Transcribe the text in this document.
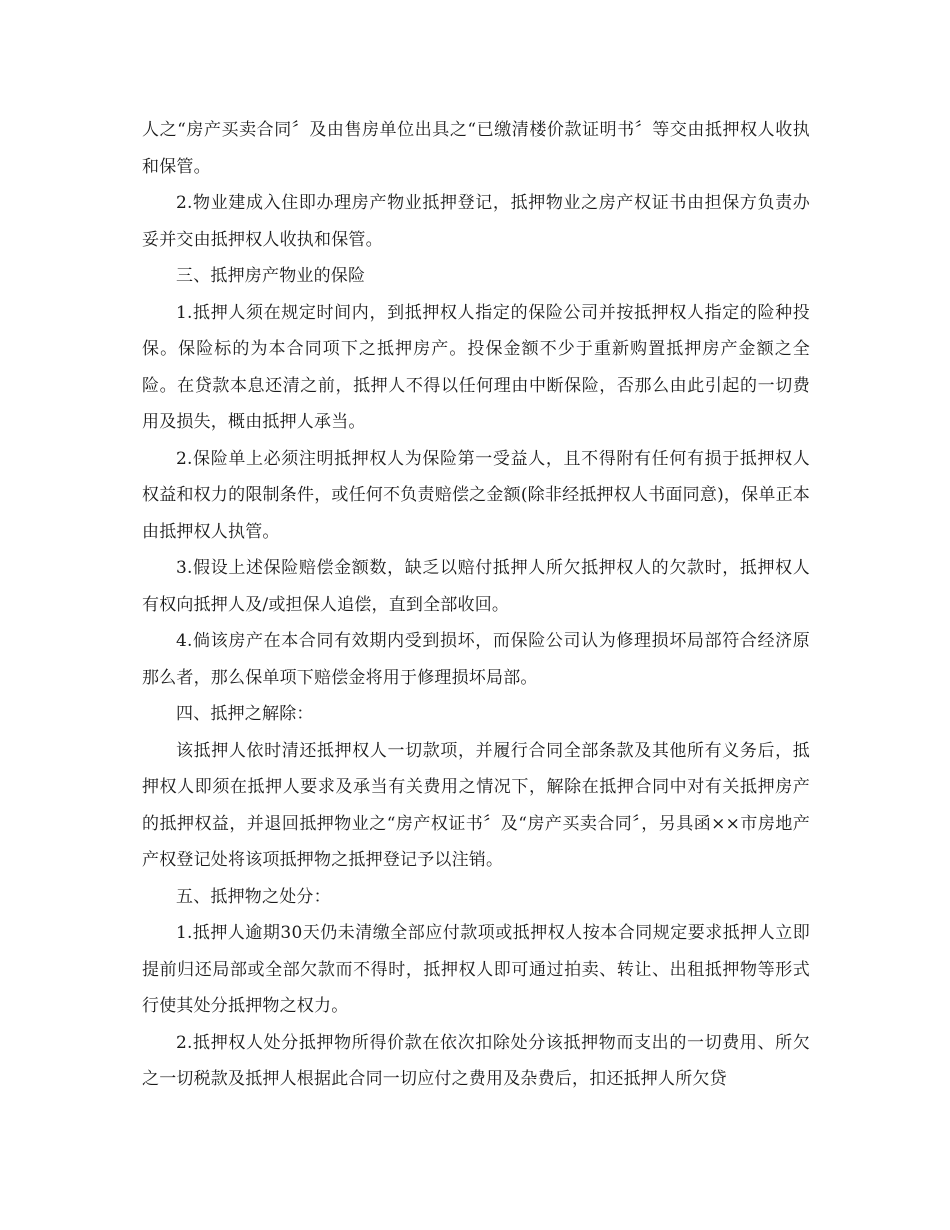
人之“房产买卖合同〞及由售房单位出具之“已缴清楼价款证明书〞等交由抵押权人收执和保管。

2.物业建成入住即办理房产物业抵押登记，抵押物业之房产权证书由担保方负责办妥并交由抵押权人收执和保管。

三、抵押房产物业的保险

1.抵押人须在规定时间内，到抵押权人指定的保险公司并按抵押权人指定的险种投保。保险标的为本合同项下之抵押房产。投保金额不少于重新购置抵押房产金额之全险。在贷款本息还清之前，抵押人不得以任何理由中断保险，否那么由此引起的一切费用及损失，概由抵押人承当。

2.保险单上必须注明抵押权人为保险第一受益人，且不得附有任何有损于抵押权人权益和权力的限制条件，或任何不负责赔偿之金额(除非经抵押权人书面同意)，保单正本由抵押权人执管。

3.假设上述保险赔偿金额数，缺乏以赔付抵押人所欠抵押权人的欠款时，抵押权人有权向抵押人及/或担保人追偿，直到全部收回。

4.倘该房产在本合同有效期内受到损坏，而保险公司认为修理损坏局部符合经济原那么者，那么保单项下赔偿金将用于修理损坏局部。

四、抵押之解除：

该抵押人依时清还抵押权人一切款项，并履行合同全部条款及其他所有义务后，抵押权人即须在抵押人要求及承当有关费用之情况下，解除在抵押合同中对有关抵押房产的抵押权益，并退回抵押物业之“房产权证书〞及“房产买卖合同〞，另具函××市房地产产权登记处将该项抵押物之抵押登记予以注销。

五、抵押物之处分：

1.抵押人逾期30天仍未清缴全部应付款项或抵押权人按本合同规定要求抵押人立即提前归还局部或全部欠款而不得时，抵押权人即可通过拍卖、转让、出租抵押物等形式行使其处分抵押物之权力。

2.抵押权人处分抵押物所得价款在依次扣除处分该抵押物而支出的一切费用、所欠之一切税款及抵押人根据此合同一切应付之费用及杂费后，扣还抵押人所欠贷
